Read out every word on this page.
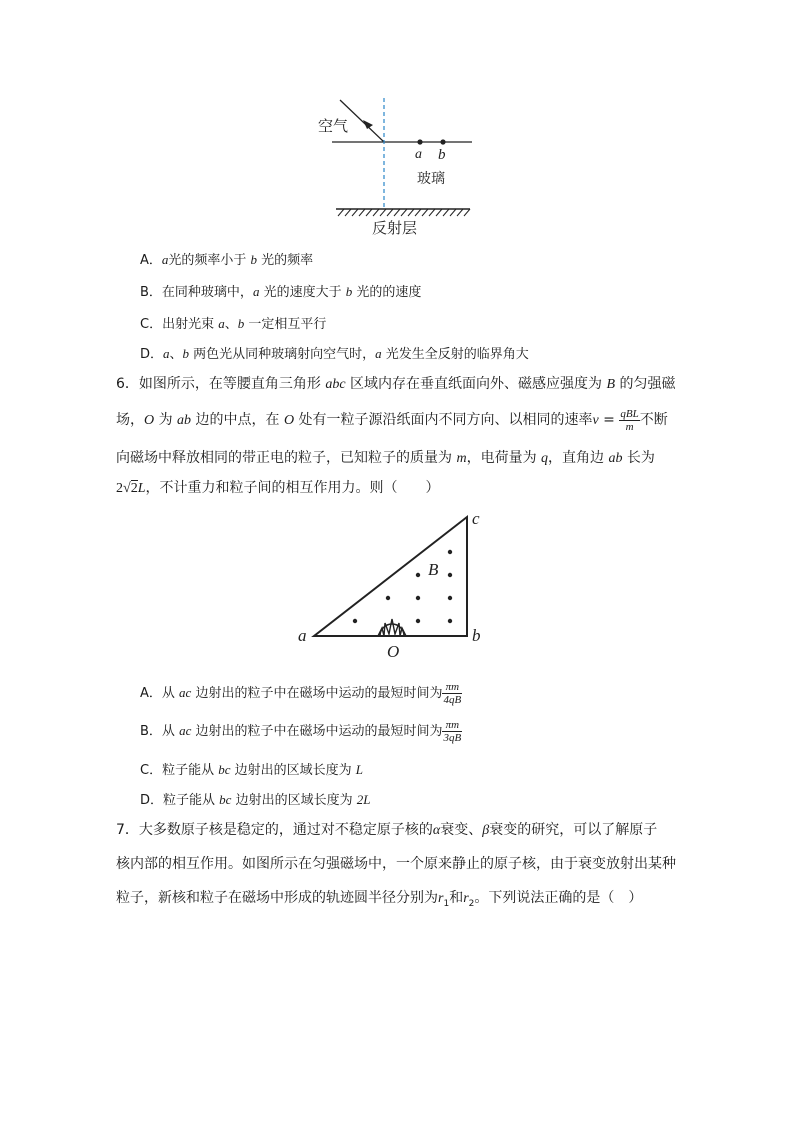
空气
a b
玻璃
反射层
A．a光的频率小于 b 光的频率
B．在同种玻璃中，a 光的速度大于 b 光的的速度
C．出射光束 a、b 一定相互平行
D．a、b 两色光从同种玻璃射向空气时，a 光发生全反射的临界角大
6．如图所示，在等腰直角三角形 abc 区域内存在垂直纸面向外、磁感应强度为 B 的匀强磁
场，O 为 ab 边的中点，在 O 处有一粒子源沿纸面内不同方向、以相同的速率$v = \frac{\text{qBL}}{m}$ 不断
向磁场中释放相同的带正电的粒子，已知粒子的质量为 m，电荷量为 q，直角边 ab 长为
2√2L，不计重力和粒子间的相互作用力。则（　　）
a	b
c
B
O
A．从 ac 边射出的粒子中在磁场中运动的最短时间为 $\frac{\pi m}{4qB}$
B．从 ac 边射出的粒子中在磁场中运动的最短时间为 $\frac{\pi m}{3qB}$
C．粒子能从 bc 边射出的区域长度为 L
D．粒子能从 bc 边射出的区域长度为 2L
7．大多数原子核是稳定的，通过对不稳定原子核的α衰变、β衰变的研究，可以了解原子
核内部的相互作用。如图所示在匀强磁场中，一个原来静止的原子核，由于衰变放射出某种
粒子，新核和粒子在磁场中形成的轨迹圆半径分别为$r_1$和$r_2$。下列说法正确的是（　）
